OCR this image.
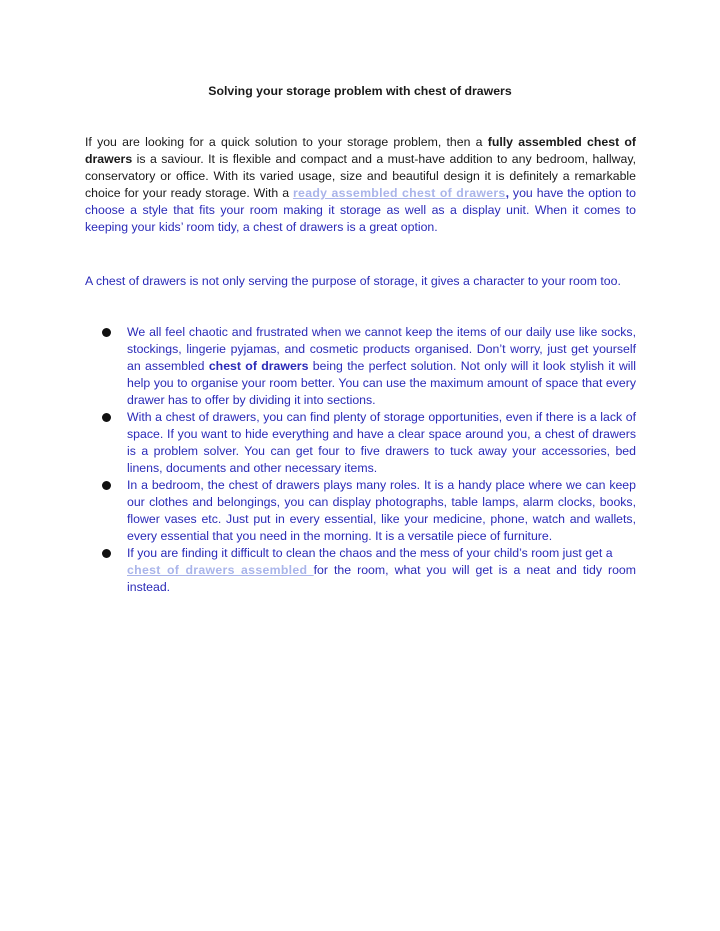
Solving your storage problem with chest of drawers
If you are looking for a quick solution to your storage problem, then a fully assembled chest of drawers is a saviour. It is flexible and compact and a must-have addition to any bedroom, hallway, conservatory or office. With its varied usage, size and beautiful design it is definitely a remarkable choice for your ready storage. With a ready assembled chest of drawers, you have the option to choose a style that fits your room making it storage as well as a display unit. When it comes to keeping your kids’ room tidy, a chest of drawers is a great option.
A chest of drawers is not only serving the purpose of storage, it gives a character to your room too.
We all feel chaotic and frustrated when we cannot keep the items of our daily use like socks, stockings, lingerie pyjamas, and cosmetic products organised. Don’t worry, just get yourself an assembled chest of drawers being the perfect solution. Not only will it look stylish it will help you to organise your room better. You can use the maximum amount of space that every drawer has to offer by dividing it into sections.
With a chest of drawers, you can find plenty of storage opportunities, even if there is a lack of space. If you want to hide everything and have a clear space around you, a chest of drawers is a problem solver. You can get four to five drawers to tuck away your accessories, bed linens, documents and other necessary items.
In a bedroom, the chest of drawers plays many roles. It is a handy place where we can keep our clothes and belongings, you can display photographs, table lamps, alarm clocks, books, flower vases etc. Just put in every essential, like your medicine, phone, watch and wallets, every essential that you need in the morning. It is a versatile piece of furniture.
If you are finding it difficult to clean the chaos and the mess of your child’s room just get a
chest of drawers assembled for the room, what you will get is a neat and tidy room instead.
